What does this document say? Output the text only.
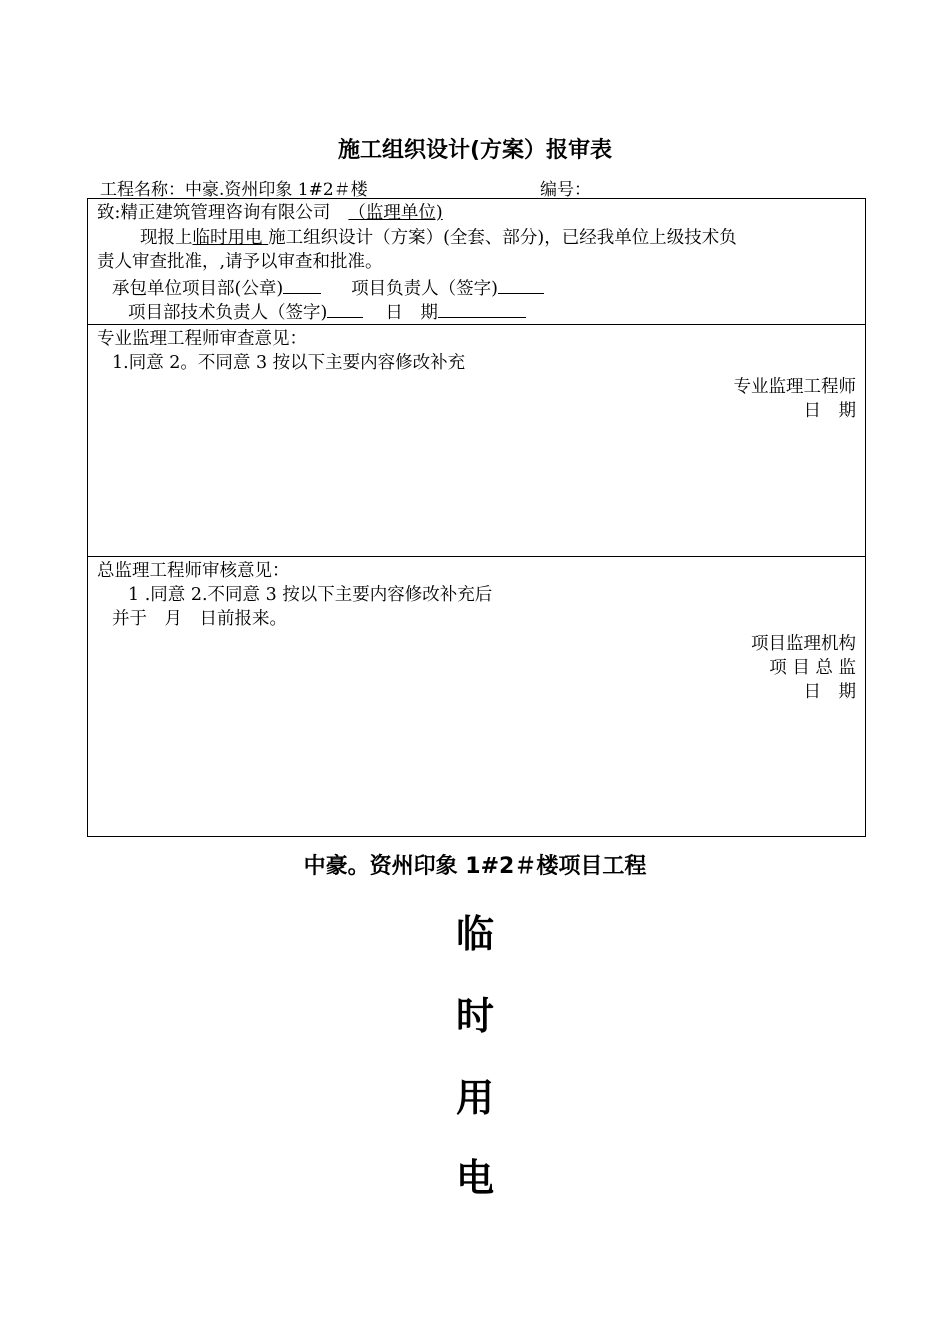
施工组织设计(方案）报审表
工程名称：中豪.资州印象 1#2＃楼	编号：
致:精正建筑管理咨询有限公司 （监理单位)
现报上临时用电 施工组织设计（方案）(全套、部分)，已经我单位上级技术负
责人审查批准，,请予以审查和批准。
承包单位项目部(公章)	项目负责人（签字)
项目部技术负责人（签字)	日　期
专业监理工程师审查意见：
1.同意 2。不同意 3 按以下主要内容修改补充
专业监理工程师
日　期
总监理工程师审核意见：
1 .同意 2.不同意 3 按以下主要内容修改补充后
并于　月　日前报来。
项目监理机构
项 目 总 监
日　期
中豪。资州印象 1#2＃楼项目工程
临
时
用
电
